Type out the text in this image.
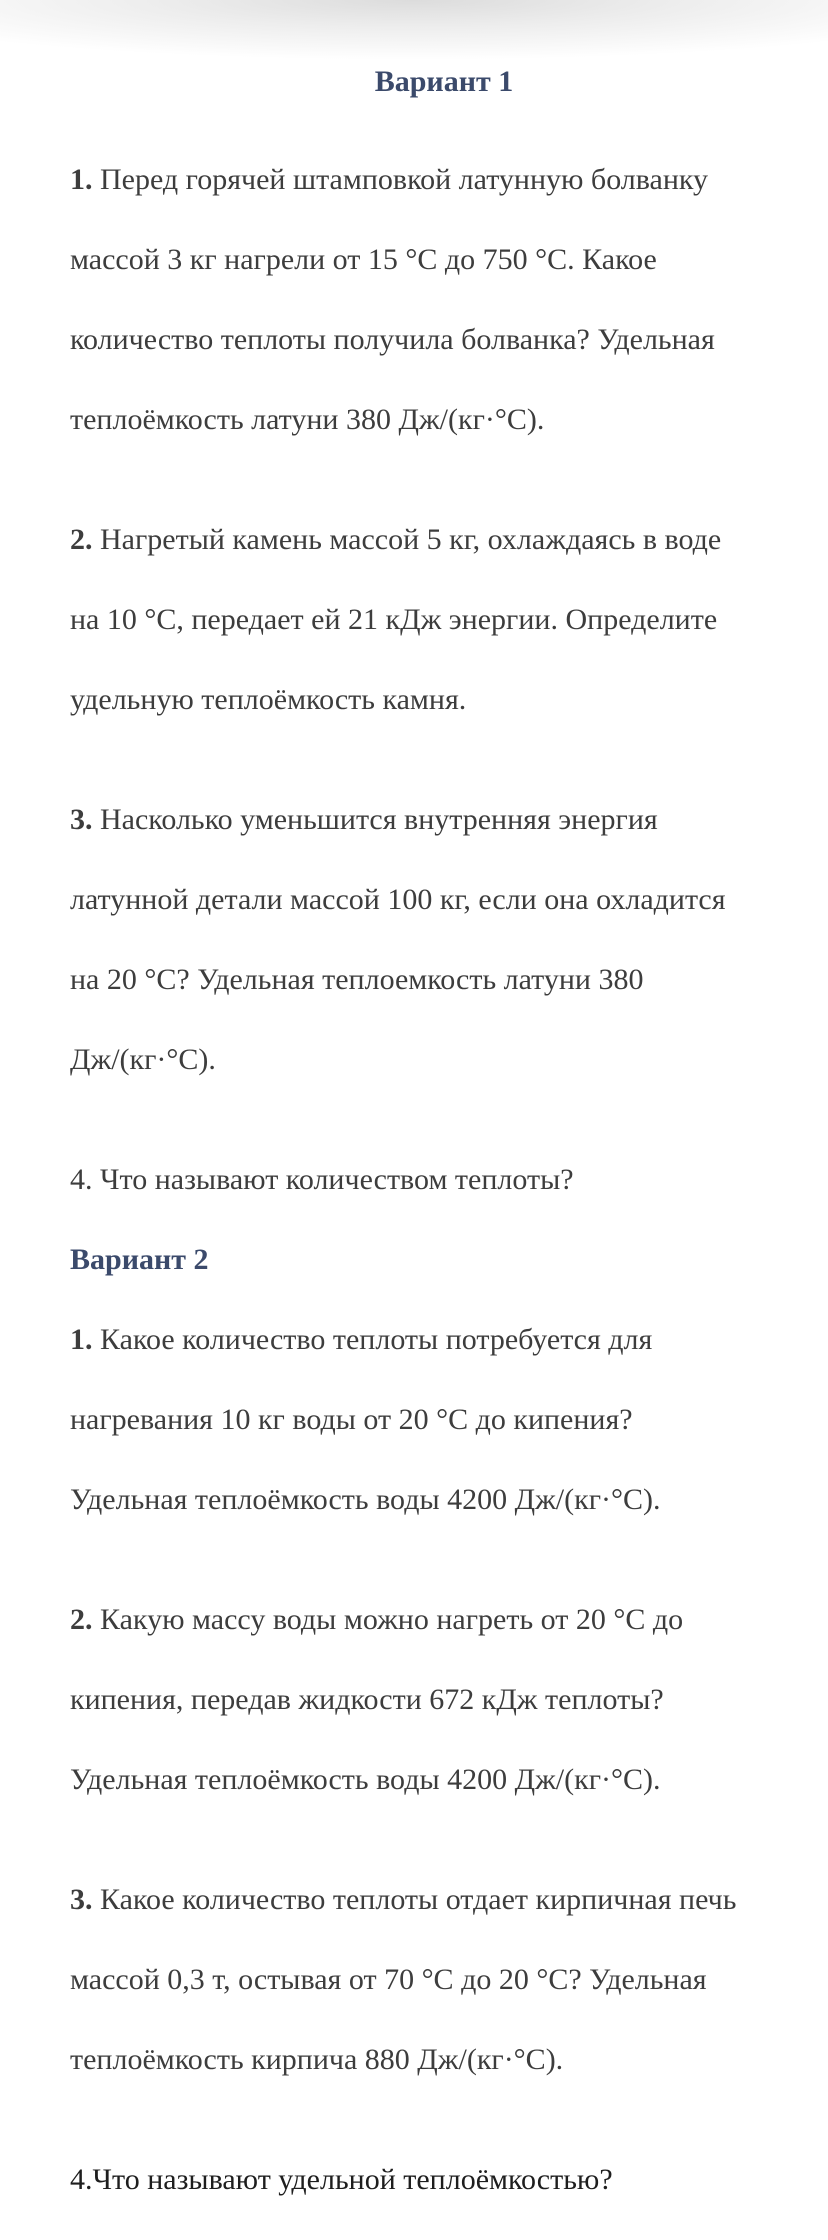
Вариант 1

1. Перед горячей штамповкой латунную болванку

массой 3 кг нагрели от 15 °С до 750 °С. Какое

количество теплоты получила болванка? Удельная

теплоёмкость латуни 380 Дж/(кг·°С).

2. Нагретый камень массой 5 кг, охлаждаясь в воде

на 10 °С, передает ей 21 кДж энергии. Определите

удельную теплоёмкость камня.

3. Насколько уменьшится внутренняя энергия

латунной детали массой 100 кг, если она охладится

на 20 °С? Удельная теплоемкость латуни 380

Дж/(кг·°С).

4. Что называют количеством теплоты?

Вариант 2

1. Какое количество теплоты потребуется для

нагревания 10 кг воды от 20 °С до кипения?

Удельная теплоёмкость воды 4200 Дж/(кг·°С).

2. Какую массу воды можно нагреть от 20 °С до

кипения, передав жидкости 672 кДж теплоты?

Удельная теплоёмкость воды 4200 Дж/(кг·°С).

3. Какое количество теплоты отдает кирпичная печь

массой 0,3 т, остывая от 70 °С до 20 °С? Удельная

теплоёмкость кирпича 880 Дж/(кг·°С).

4.Что называют удельной теплоёмкостью?
